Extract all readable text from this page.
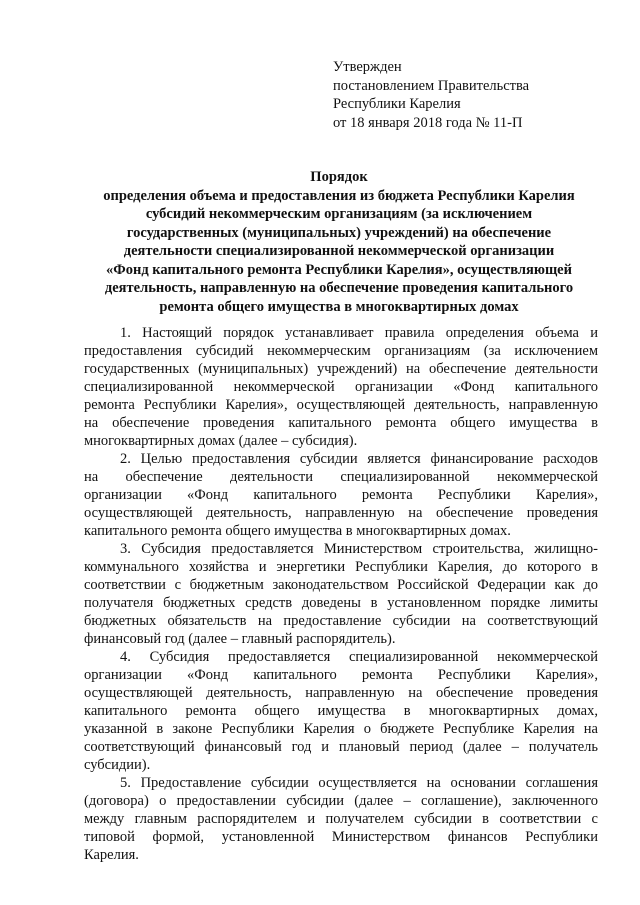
Утвержден
постановлением Правительства
Республики Карелия
от 18 января 2018 года № 11-П
Порядок
определения объема и предоставления из бюджета Республики Карелия
субсидий некоммерческим организациям (за исключением
государственных (муниципальных) учреждений) на обеспечение
деятельности специализированной некоммерческой организации
«Фонд капитального ремонта Республики Карелия», осуществляющей
деятельность, направленную на обеспечение проведения капитального
ремонта общего имущества в многоквартирных домах
1. Настоящий порядок устанавливает правила определения объема и
предоставления субсидий некоммерческим организациям (за исключением
государственных (муниципальных) учреждений) на обеспечение деятельности
специализированной некоммерческой организации «Фонд капитального
ремонта Республики Карелия», осуществляющей деятельность, направленную
на обеспечение проведения капитального ремонта общего имущества в
многоквартирных домах (далее – субсидия).
2. Целью предоставления субсидии является финансирование расходов
на обеспечение деятельности специализированной некоммерческой
организации «Фонд капитального ремонта Республики Карелия»,
осуществляющей деятельность, направленную на обеспечение проведения
капитального ремонта общего имущества в многоквартирных домах.
3. Субсидия предоставляется Министерством строительства, жилищно-
коммунального хозяйства и энергетики Республики Карелия, до которого в
соответствии с бюджетным законодательством Российской Федерации как до
получателя бюджетных средств доведены в установленном порядке лимиты
бюджетных обязательств на предоставление субсидии на соответствующий
финансовый год (далее – главный распорядитель).
4. Субсидия предоставляется специализированной некоммерческой
организации «Фонд капитального ремонта Республики Карелия»,
осуществляющей деятельность, направленную на обеспечение проведения
капитального ремонта общего имущества в многоквартирных домах,
указанной в законе Республики Карелия о бюджете Республике Карелия на
соответствующий финансовый год и плановый период (далее – получатель
субсидии).
5. Предоставление субсидии осуществляется на основании соглашения
(договора) о предоставлении субсидии (далее – соглашение), заключенного
между главным распорядителем и получателем субсидии в соответствии с
типовой формой, установленной Министерством финансов Республики
Карелия.
